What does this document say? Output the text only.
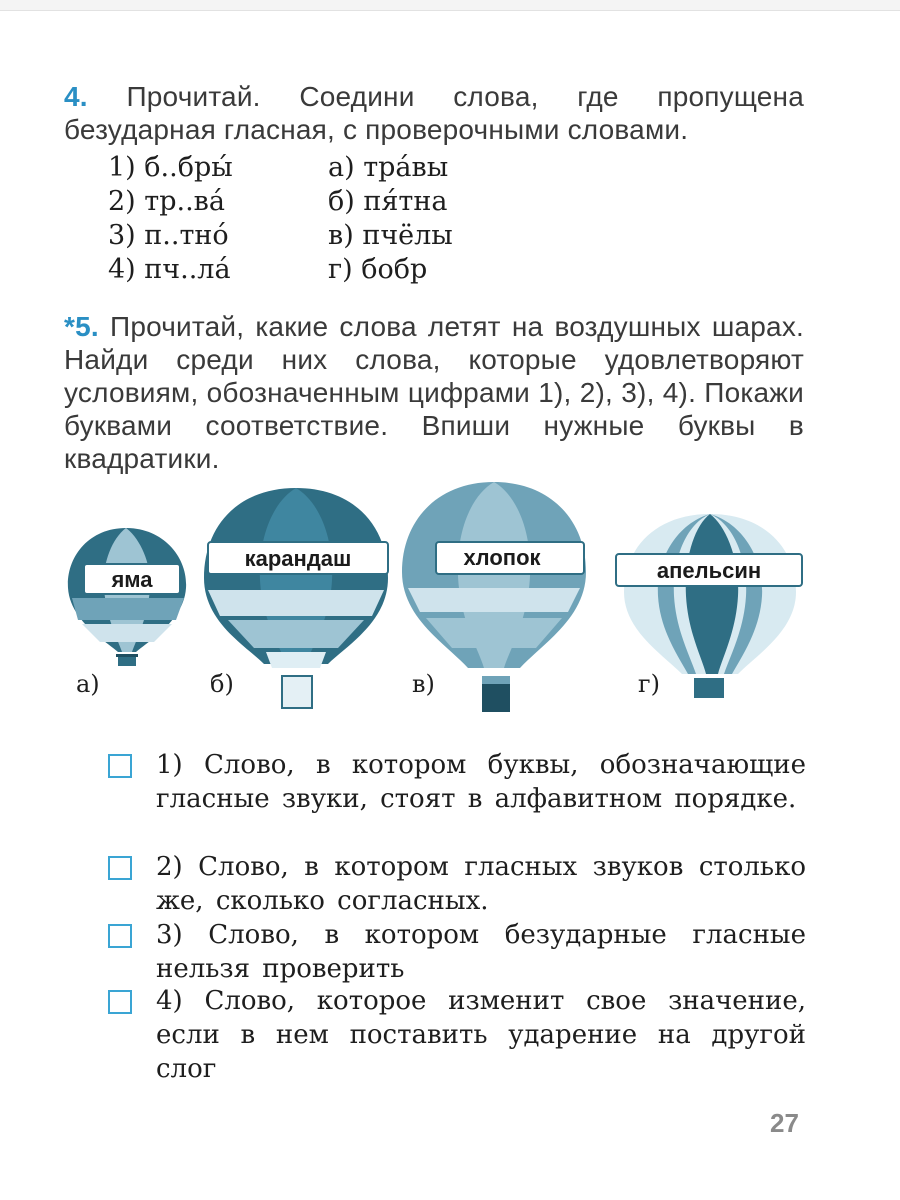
4. Прочитай. Соедини слова, где пропущена безударная гласная, с проверочными словами.
1) б..бры́	а) тра́вы
2) тр..ва́	б) пя́тна
3) п..тно́	в) пчёлы
4) пч..ла́	г) бобр
*5. Прочитай, какие слова летят на воздушных шарах. Найди среди них слова, которые удовлетворяют условиям, обозначенным цифрами 1), 2), 3), 4). Покажи буквами соответствие. Впиши нужные буквы в квадратики.
яма
карандаш	хлопок
апельсин
а)	б)	в)	г)
1) Слово, в котором буквы, обозначающие гласные звуки, стоят в алфавитном порядке.
2) Слово, в котором гласных звуков столько же, сколько согласных.
3) Слово, в котором безударные гласные нельзя проверить
4) Слово, которое изменит свое значение, если в нем поставить ударение на другой слог
27
